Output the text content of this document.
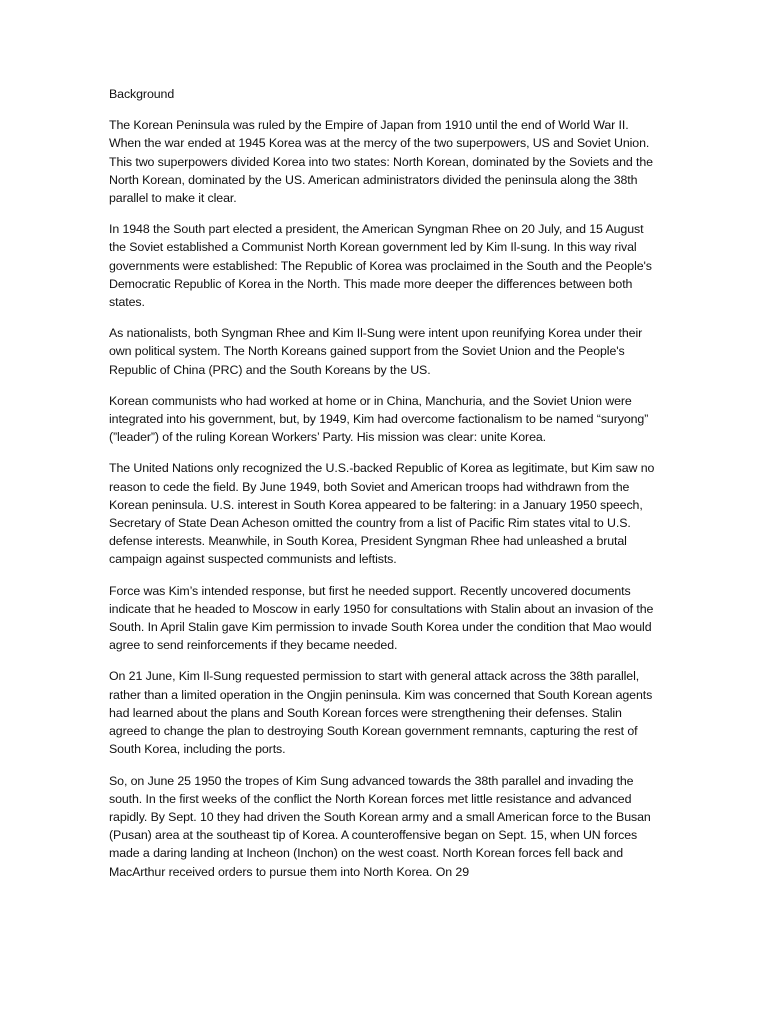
Background

The Korean Peninsula was ruled by the Empire of Japan from 1910 until the end of World War II. When the war ended at 1945 Korea was at the mercy of the two superpowers, US and Soviet Union. This two superpowers divided Korea into two states: North Korean, dominated by the Soviets and the North Korean, dominated by the US. American administrators divided the peninsula along the 38th parallel to make it clear.

In 1948 the South part elected a president, the American Syngman Rhee on 20 July, and 15 August the Soviet established a Communist North Korean government led by Kim Il-sung. In this way rival governments were established: The Republic of Korea was proclaimed in the South and the People's Democratic Republic of Korea in the North. This made more deeper the differences between both states.

As nationalists, both Syngman Rhee and Kim Il-Sung were intent upon reunifying Korea under their own political system. The North Koreans gained support from the Soviet Union and the People's Republic of China (PRC) and the South Koreans by the US.

Korean communists who had worked at home or in China, Manchuria, and the Soviet Union were integrated into his government, but, by 1949, Kim had overcome factionalism to be named “suryong” (”leader”) of the ruling Korean Workers’ Party. His mission was clear: unite Korea.

The United Nations only recognized the U.S.-backed Republic of Korea as legitimate, but Kim saw no reason to cede the field. By June 1949, both Soviet and American troops had withdrawn from the Korean peninsula. U.S. interest in South Korea appeared to be faltering: in a January 1950 speech, Secretary of State Dean Acheson omitted the country from a list of Pacific Rim states vital to U.S. defense interests. Meanwhile, in South Korea, President Syngman Rhee had unleashed a brutal campaign against suspected communists and leftists.

Force was Kim’s intended response, but first he needed support. Recently uncovered documents indicate that he headed to Moscow in early 1950 for consultations with Stalin about an invasion of the South. In April Stalin gave Kim permission to invade South Korea under the condition that Mao would agree to send reinforcements if they became needed.

On 21 June, Kim Il-Sung requested permission to start with general attack across the 38th parallel, rather than a limited operation in the Ongjin peninsula. Kim was concerned that South Korean agents had learned about the plans and South Korean forces were strengthening their defenses. Stalin agreed to change the plan to destroying South Korean government remnants, capturing the rest of South Korea, including the ports.

So, on June 25 1950 the tropes of Kim Sung advanced towards the 38th parallel and invading the south. In the first weeks of the conflict the North Korean forces met little resistance and advanced rapidly. By Sept. 10 they had driven the South Korean army and a small American force to the Busan (Pusan) area at the southeast tip of Korea. A counteroffensive began on Sept. 15, when UN forces made a daring landing at Incheon (Inchon) on the west coast. North Korean forces fell back and MacArthur received orders to pursue them into North Korea. On 29
